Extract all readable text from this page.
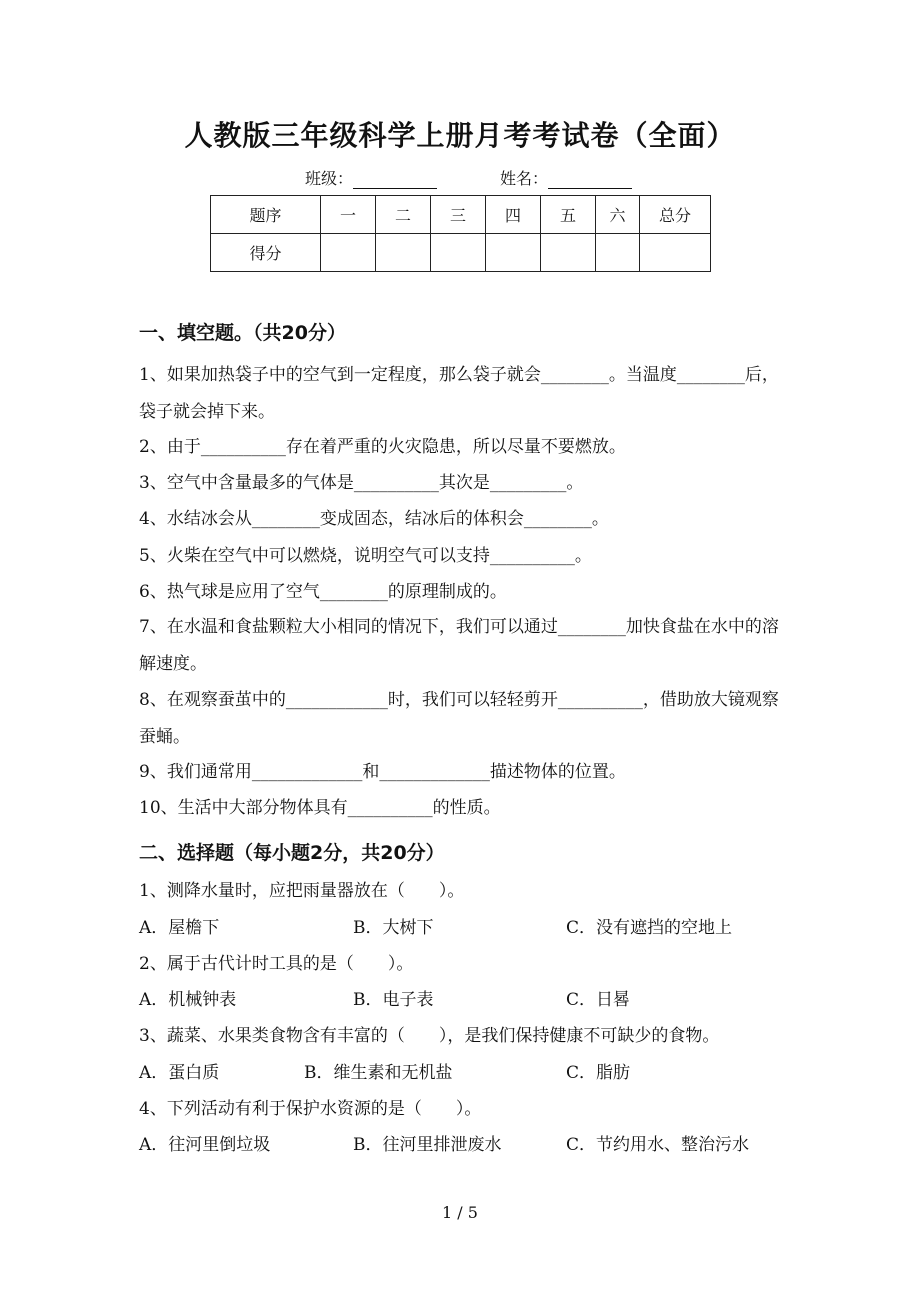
人教版三年级科学上册月考考试卷（全面）
班级：	姓名：
题序	一	二	三	四	五	六	总分
得分							
一、填空题。（共20分）
1、如果加热袋子中的空气到一定程度，那么袋子就会________。当温度________后，袋子就会掉下来。
2、由于__________存在着严重的火灾隐患，所以尽量不要燃放。
3、空气中含量最多的气体是__________其次是_________。
4、水结冰会从________变成固态，结冰后的体积会________。
5、火柴在空气中可以燃烧，说明空气可以支持__________。
6、热气球是应用了空气________的原理制成的。
7、在水温和食盐颗粒大小相同的情况下，我们可以通过________加快食盐在水中的溶解速度。
8、在观察蚕茧中的____________时，我们可以轻轻剪开__________，借助放大镜观察蚕蛹。
9、我们通常用_____________和_____________描述物体的位置。
10、生活中大部分物体具有__________的性质。
二、选择题（每小题2分，共20分）
1、测降水量时，应把雨量器放在（　　）。
A．屋檐下	B．大树下	C．没有遮挡的空地上
2、属于古代计时工具的是（　　）。
A．机械钟表	B．电子表	C．日晷
3、蔬菜、水果类食物含有丰富的（　　），是我们保持健康不可缺少的食物。
A．蛋白质	B．维生素和无机盐	C．脂肪
4、下列活动有利于保护水资源的是（　　）。
A．往河里倒垃圾	B．往河里排泄废水	C．节约用水、整治污水
1 / 5
